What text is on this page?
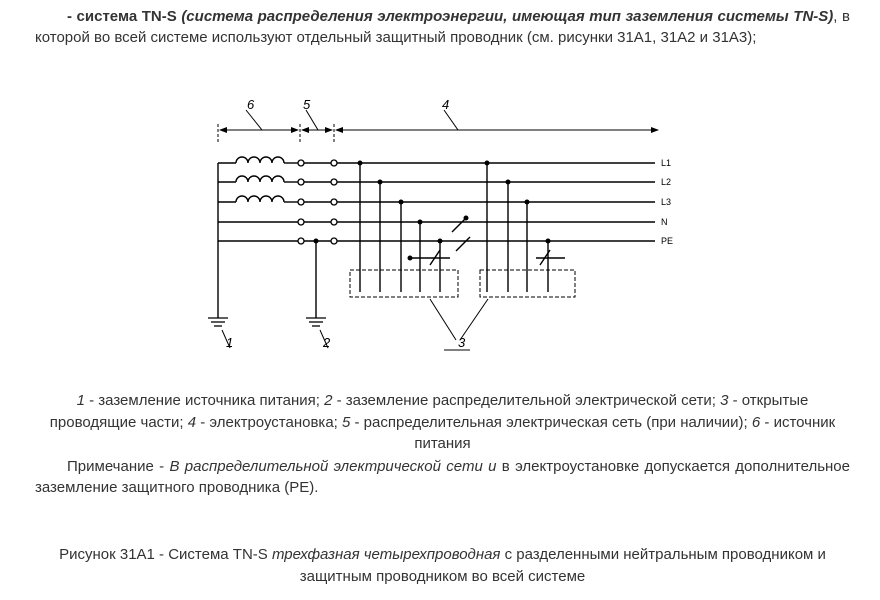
- система TN-S (система распределения электроэнергии, имеющая тип заземления системы TN-S), в которой во всей системе используют отдельный защитный проводник (см. рисунки 31A1, 31A2 и 31A3);
6	5	4
1	2	3
L1
L2
L3
N
PE
1 - заземление источника питания; 2 - заземление распределительной электрической сети; 3 - открытые проводящие части; 4 - электроустановка; 5 - распределительная электрическая сеть (при наличии); 6 - источник питания
Примечание - В распределительной электрической сети и в электроустановке допускается дополнительное заземление защитного проводника (PE).
Рисунок 31A1 - Система TN-S трехфазная четырехпроводная с разделенными нейтральным проводником и защитным проводником во всей системе
